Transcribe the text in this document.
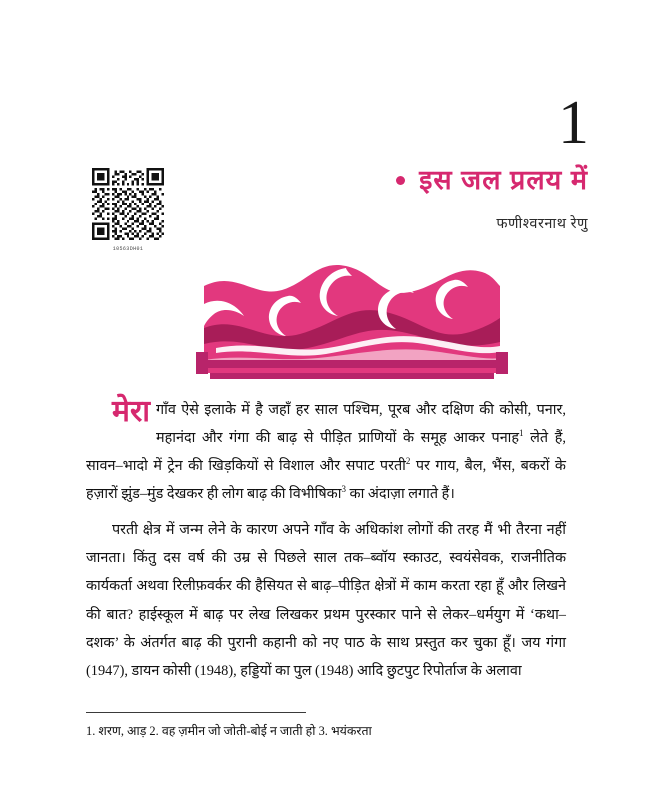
1
10563DH01
इस जल प्रलय में
फणीश्वरनाथ रेणु

मेरा गाँव ऐसे इलाके में है जहाँ हर साल पश्चिम, पूरब और दक्षिण की कोसी, पनार, महानंदा और गंगा की बाढ़ से पीड़ित प्राणियों के समूह आकर पनाह$^1$ लेते हैं, सावन–भादो में ट्रेन की खिड़कियों से विशाल और सपाट परती$^2$ पर गाय, बैल, भैंस, बकरों के हज़ारों झुंड–मुंड देखकर ही लोग बाढ़ की विभीषिका$^3$ का अंदाज़ा लगाते हैं।

परती क्षेत्र में जन्म लेने के कारण अपने गाँव के अधिकांश लोगों की तरह मैं भी तैरना नहीं जानता। किंतु दस वर्ष की उम्र से पिछले साल तक–ब्वॉय स्काउट, स्वयंसेवक, राजनीतिक कार्यकर्ता अथवा रिलीफ़वर्कर की हैसियत से बाढ़–पीड़ित क्षेत्रों में काम करता रहा हूँ और लिखने की बात? हाईस्कूल में बाढ़ पर लेख लिखकर प्रथम पुरस्कार पाने से लेकर–धर्मयुग में ‘कथा–दशक’ के अंतर्गत बाढ़ की पुरानी कहानी को नए पाठ के साथ प्रस्तुत कर चुका हूँ। जय गंगा (1947), डायन कोसी (1948), हड्डियों का पुल (1948) आदि छुटपुट रिपोर्ताज के अलावा

1. शरण, आड़ 2. वह ज़मीन जो जोती-बोई न जाती हो 3. भयंकरता
